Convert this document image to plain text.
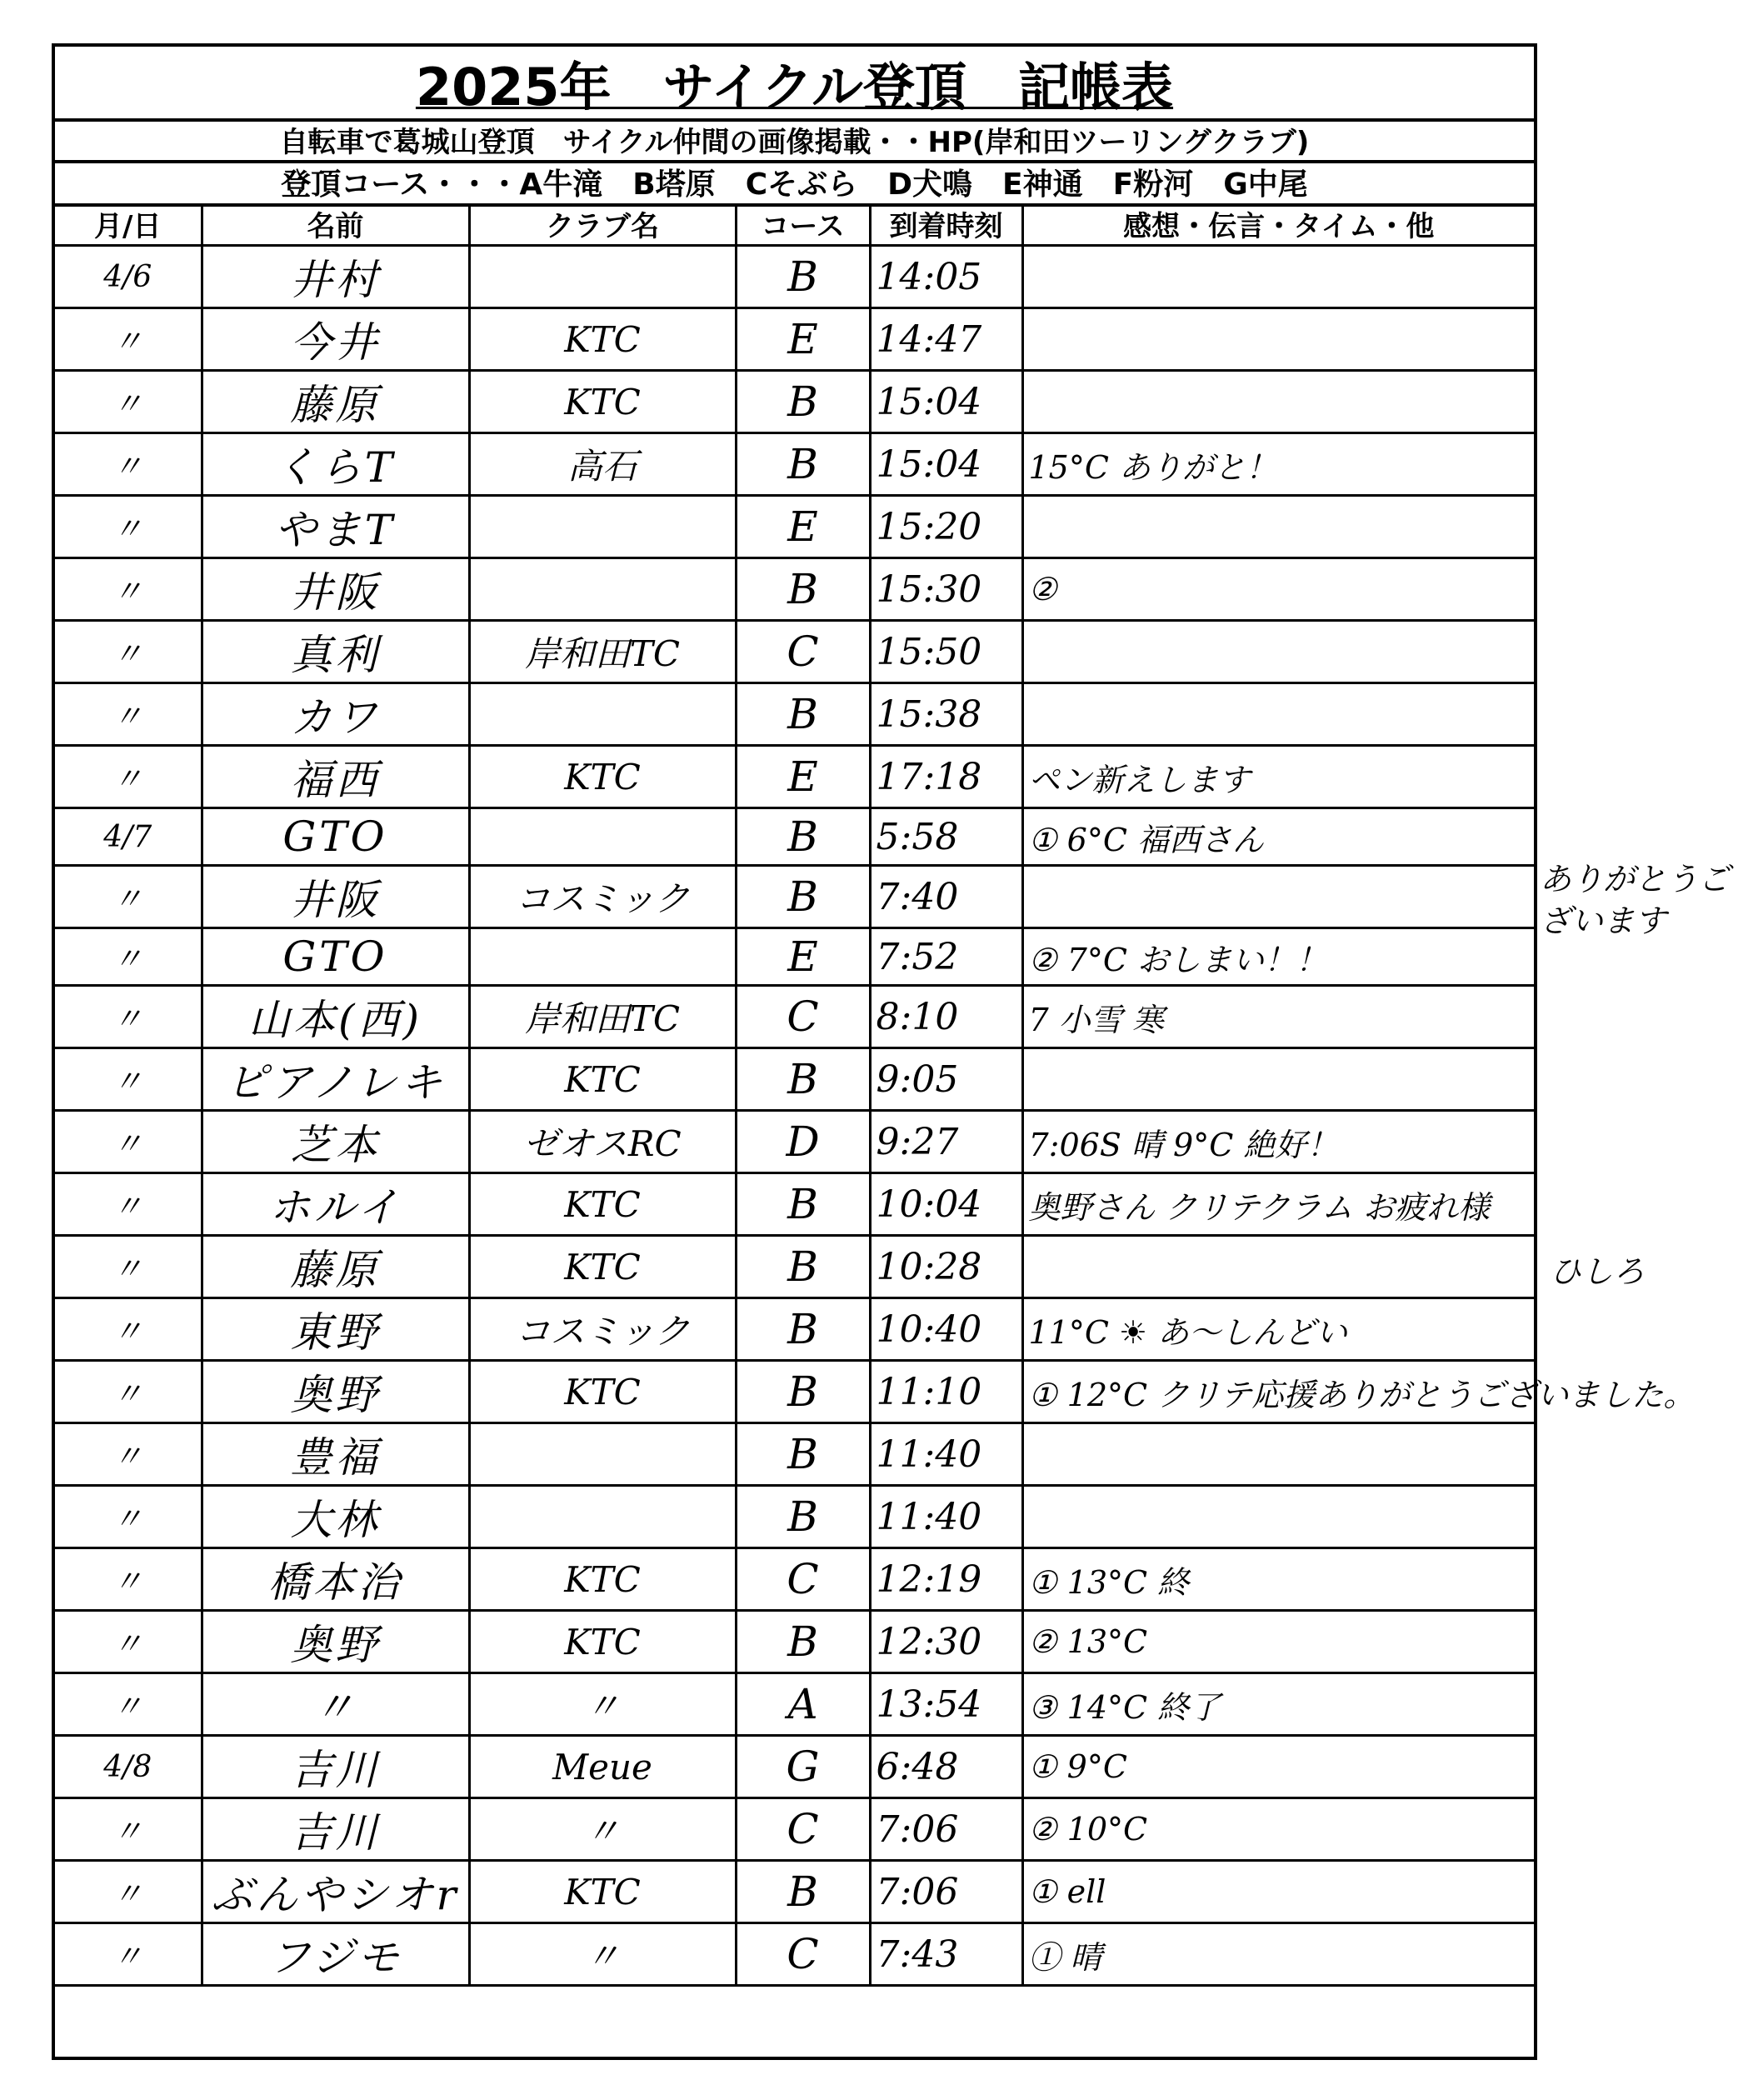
2025年　サイクル登頂　記帳表
自転車で葛城山登頂　サイクル仲間の画像掲載・・HP(岸和田ツーリングクラブ)
登頂コース・・・A牛滝　B塔原　Cそぶら　D犬鳴　E神通　F粉河　G中尾
月/日	名前	クラブ名	コース	到着時刻	感想・伝言・タイム・他
4/6	井村		B	14:05	
〃	今井	KTC	E	14:47	
〃	藤原	KTC	B	15:04	
〃	くらT	高石	B	15:04	15°C ありがと！
〃	やまT		E	15:20	
〃	井阪		B	15:30	②
〃	真利	岸和田TC	C	15:50	
〃	カワ		B	15:38	
〃	福西	KTC	E	17:18	ペン新えします
4/7	GTO		B	5:58	① 6°C 福西さん
〃	井阪	コスミック	B	7:40	
〃	GTO		E	7:52	② 7°C おしまい！！
〃	山本(西)	岸和田TC	C	8:10	7 小雪 寒
〃	ピアノレキ	KTC	B	9:05	
〃	芝本	ゼオスRC	D	9:27	7:06S 晴 9°C 絶好！
〃	ホルイ	KTC	B	10:04	奥野さん クリテクラム お疲れ様
〃	藤原	KTC	B	10:28	
〃	東野	コスミック	B	10:40	11°C ☀ あ〜しんどい
〃	奥野	KTC	B	11:10	① 12°C クリテ応援ありがとうございました。
〃	豊福		B	11:40	
〃	大林		B	11:40	
〃	橋本治	KTC	C	12:19	① 13°C 終
〃	奥野	KTC	B	12:30	② 13°C
〃	〃	〃	A	13:54	③ 14°C 終了
4/8	吉川	Meue	G	6:48	① 9°C
〃	吉川	〃	C	7:06	② 10°C
〃	ぶんやシオr	KTC	B	7:06	① ell
〃	フジモ	〃	C	7:43	① 晴
ありがとうございます
ひしろ
